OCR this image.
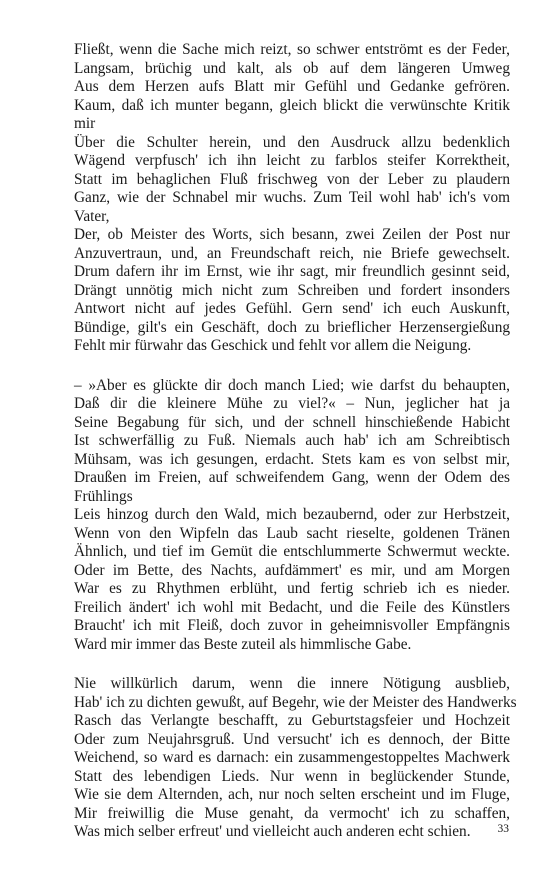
Fließt, wenn die Sache mich reizt, so schwer entströmt es der Feder,
Langsam, brüchig und kalt, als ob auf dem längeren Umweg
Aus dem Herzen aufs Blatt mir Gefühl und Gedanke gefrören.
Kaum, daß ich munter begann, gleich blickt die verwünschte Kritik
mir
Über die Schulter herein, und den Ausdruck allzu bedenklich
Wägend verpfusch' ich ihn leicht zu farblos steifer Korrektheit,
Statt im behaglichen Fluß frischweg von der Leber zu plaudern
Ganz, wie der Schnabel mir wuchs. Zum Teil wohl hab' ich's vom
Vater,
Der, ob Meister des Worts, sich besann, zwei Zeilen der Post nur
Anzuvertraun, und, an Freundschaft reich, nie Briefe gewechselt.
Drum dafern ihr im Ernst, wie ihr sagt, mir freundlich gesinnt seid,
Drängt unnötig mich nicht zum Schreiben und fordert insonders
Antwort nicht auf jedes Gefühl. Gern send' ich euch Auskunft,
Bündige, gilt's ein Geschäft, doch zu brieflicher Herzensergießung
Fehlt mir fürwahr das Geschick und fehlt vor allem die Neigung.
– »Aber es glückte dir doch manch Lied; wie darfst du behaupten,
Daß dir die kleinere Mühe zu viel?« – Nun, jeglicher hat ja
Seine Begabung für sich, und der schnell hinschießende Habicht
Ist schwerfällig zu Fuß. Niemals auch hab' ich am Schreibtisch
Mühsam, was ich gesungen, erdacht. Stets kam es von selbst mir,
Draußen im Freien, auf schweifendem Gang, wenn der Odem des
Frühlings
Leis hinzog durch den Wald, mich bezaubernd, oder zur Herbstzeit,
Wenn von den Wipfeln das Laub sacht rieselte, goldenen Tränen
Ähnlich, und tief im Gemüt die entschlummerte Schwermut weckte.
Oder im Bette, des Nachts, aufdämmert' es mir, und am Morgen
War es zu Rhythmen erblüht, und fertig schrieb ich es nieder.
Freilich ändert' ich wohl mit Bedacht, und die Feile des Künstlers
Braucht' ich mit Fleiß, doch zuvor in geheimnisvoller Empfängnis
Ward mir immer das Beste zuteil als himmlische Gabe.
Nie willkürlich darum, wenn die innere Nötigung ausblieb,
Hab' ich zu dichten gewußt, auf Begehr, wie der Meister des Handwerks
Rasch das Verlangte beschafft, zu Geburtstagsfeier und Hochzeit
Oder zum Neujahrsgruß. Und versucht' ich es dennoch, der Bitte
Weichend, so ward es darnach: ein zusammengestoppeltes Machwerk
Statt des lebendigen Lieds. Nur wenn in beglückender Stunde,
Wie sie dem Alternden, ach, nur noch selten erscheint und im Fluge,
Mir freiwillig die Muse genaht, da vermocht' ich zu schaffen,
Was mich selber erfreut' und vielleicht auch anderen echt schien.	33
